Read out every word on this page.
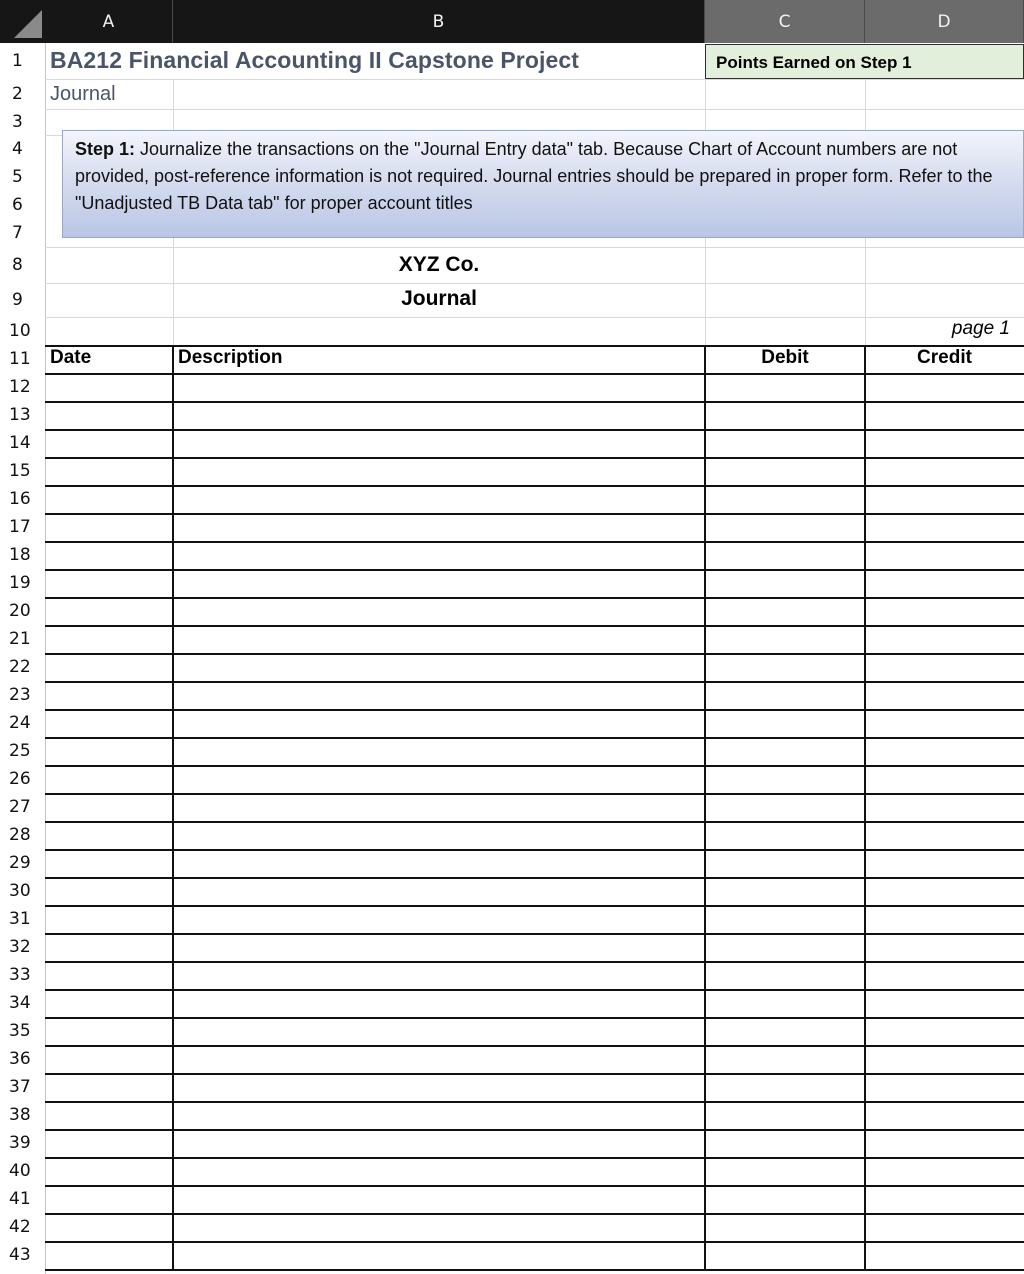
A	B	C	D
1
2
3
4
5
6
7
8
9
10
11
12
13
14
15
16
17
18
19
20
21
22
23
24
25
26
27
28
29
30
31
32
33
34
35
36
37
38
39
40
41
42
43
BA212 Financial Accounting II Capstone Project
Journal
Points Earned on Step 1
Step 1: Journalize the transactions on the "Journal Entry data" tab. Because Chart of Account numbers are not provided, post-reference information is not required. Journal entries should be prepared in proper form. Refer to the "Unadjusted TB Data tab" for proper account titles
XYZ Co.
Journal
page 1
Date	Description	Debit	Credit
